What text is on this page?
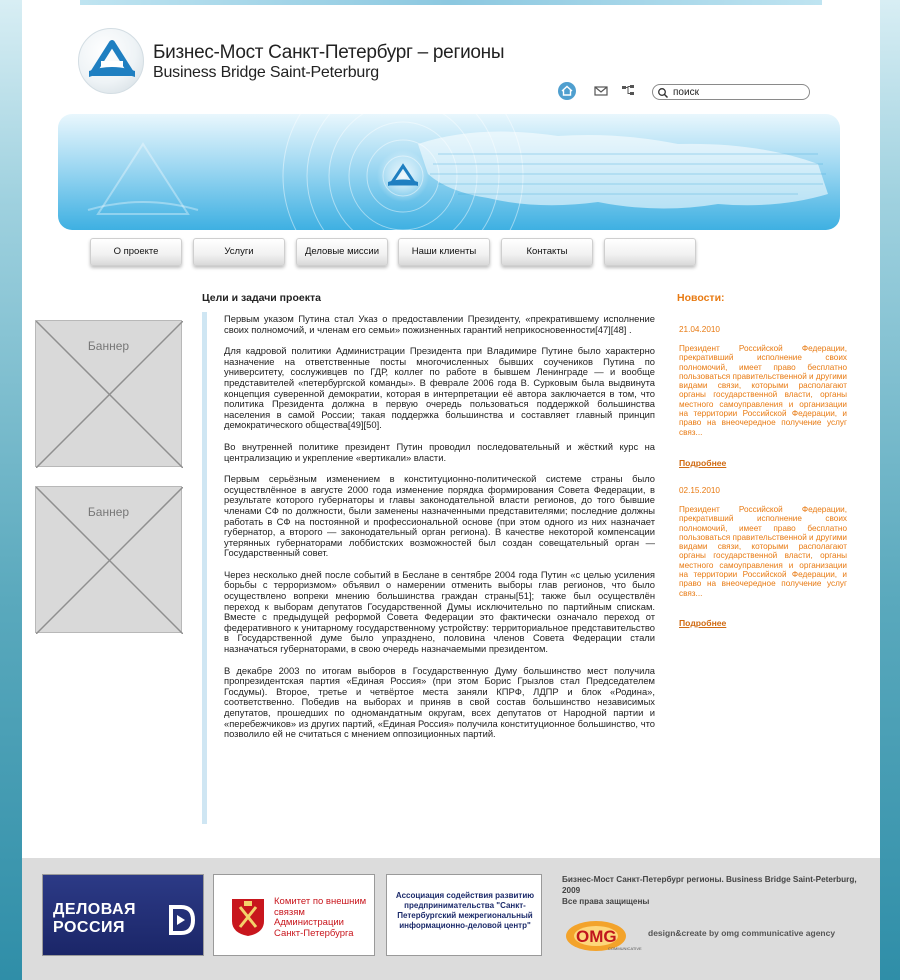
Бизнес-Мост Санкт-Петербург – регионы
Business Bridge Saint-Peterburg
поиск
О проекте	Услуги	Деловые миссии	Наши клиенты	Контакты
Баннер
Баннер
Цели и задачи проекта

Первым указом Путина стал Указ о предоставлении Президенту, «прекратившему исполнение своих полномочий, и членам его семьи» пожизненных гарантий неприкосновенности[47][48] .

Для кадровой политики Администрации Президента при Владимире Путине было характерно назначение на ответственные посты многочисленных бывших соучеников Путина по университету, сослуживцев по ГДР, коллег по работе в бывшем Ленинграде — и вообще представителей «петербургской команды». В феврале 2006 года В. Сурковым была выдвинута концепция суверенной демократии, которая в интерпретации её автора заключается в том, что политика Президента должна в первую очередь пользоваться поддержкой большинства населения в самой России; такая поддержка большинства и составляет главный принцип демократического общества[49][50].

Во внутренней политике президент Путин проводил последовательный и жёсткий курс на централизацию и укрепление «вертикали» власти.

Первым серьёзным изменением в конституционно-политической системе страны было осуществлённое в августе 2000 года изменение порядка формирования Совета Федерации, в результате которого губернаторы и главы законодательной власти регионов, до того бывшие членами СФ по должности, были заменены назначенными представителями; последние должны работать в СФ на постоянной и профессиональной основе (при этом одного из них назначает губернатор, а второго — законодательный орган региона). В качестве некоторой компенсации утерянных губернаторами лоббистских возможностей был создан совещательный орган — Государственный совет.

Через несколько дней после событий в Беслане в сентябре 2004 года Путин «с целью усиления борьбы с терроризмом» объявил о намерении отменить выборы глав регионов, что было осуществлено вопреки мнению большинства граждан страны[51]; также был осуществлён переход к выборам депутатов Государственной Думы исключительно по партийным спискам. Вместе с предыдущей реформой Совета Федерации это фактически означало переход от федеративного к унитарному государственному устройству: территориальное представительство в Государственной думе было упразднено, половина членов Совета Федерации стали назначаться губернаторами, в свою очередь назначаемыми президентом.

В декабре 2003 по итогам выборов в Государственную Думу большинство мест получила пропрезидентская партия «Единая Россия» (при этом Борис Грызлов стал Председателем Госдумы). Второе, третье и четвёртое места заняли КПРФ, ЛДПР и блок «Родина», соответственно. Победив на выборах и приняв в свой состав большинство независимых депутатов, прошедших по одномандатным округам, всех депутатов от Народной партии и «перебежчиков» из других партий, «Единая Россия» получила конституционное большинство, что позволило ей не считаться с мнением оппозиционных партий.

Новости:
21.04.2010
Президент Российской Федерации, прекративший исполнение своих полномочий, имеет право бесплатно пользоваться правительственной и другими видами связи, которыми располагают органы государственной власти, органы местного самоуправления и организации на территории Российской Федерации, и право на внеочередное получение услуг связ...
Подробнее
02.15.2010
Президент Российской Федерации, прекративший исполнение своих полномочий, имеет право бесплатно пользоваться правительственной и другими видами связи, которыми располагают органы государственной власти, органы местного самоуправления и организации на территории Российской Федерации, и право на внеочередное получение услуг связ...
Подробнее
ДЕЛОВАЯ
РОССИЯ
Комитет по внешним связям Администрации Санкт-Петербурга
Ассоциация содействия развитию предпринимательства "Санкт-Петербургский межрегиональный информационно-деловой центр"
Бизнес-Мост Санкт-Петербург регионы. Business Bridge Saint-Peterburg, 2009
Все права защищены
OMG
COMMUNICATIVE
design&create by omg communicative agency
